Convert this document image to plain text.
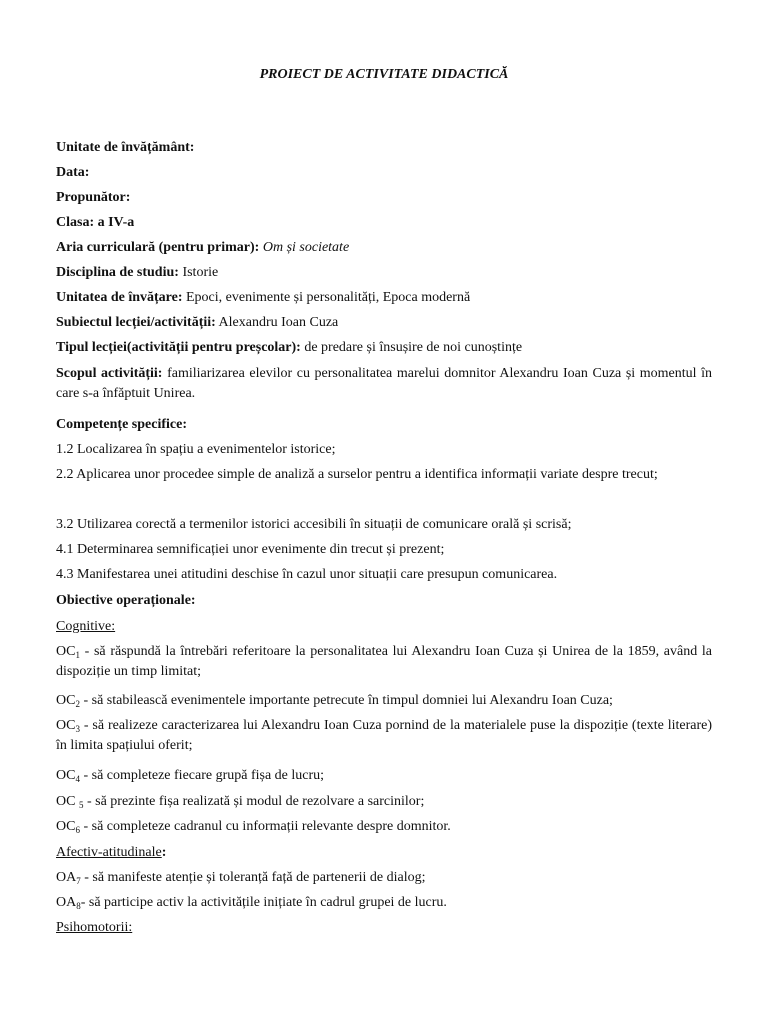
PROIECT DE ACTIVITATE DIDACTICĂ
Unitate de învățământ:
Data:
Propunător:
Clasa: a IV-a
Aria curriculară (pentru primar): Om și societate
Disciplina de studiu: Istorie
Unitatea de învățare: Epoci, evenimente și personalități, Epoca modernă
Subiectul lecției/activității: Alexandru Ioan Cuza
Tipul lecției(activității pentru preșcolar): de predare și însușire de noi cunoștințe
Scopul activității: familiarizarea elevilor cu personalitatea marelui domnitor Alexandru Ioan Cuza și momentul în care s-a înfăptuit Unirea.
Competențe specifice:
1.2 Localizarea în spațiu a evenimentelor istorice;
2.2 Aplicarea unor procedee simple de analiză a surselor pentru a identifica informații variate despre trecut;
3.2 Utilizarea corectă a termenilor istorici accesibili în situații de comunicare orală și scrisă;
4.1 Determinarea semnificației unor evenimente din trecut și prezent;
4.3 Manifestarea unei atitudini deschise în cazul unor situații care presupun comunicarea.
Obiective operaționale:
Cognitive:
$OC_1$ - să răspundă la întrebări referitoare la personalitatea lui Alexandru Ioan Cuza și Unirea de la 1859, având la dispoziție un timp limitat;
$OC_2$ - să stabilească evenimentele importante petrecute în timpul domniei lui Alexandru Ioan Cuza;
$OC_3$ - să realizeze caracterizarea lui Alexandru Ioan Cuza pornind de la materialele puse la dispoziție (texte literare) în limita spațiului oferit;
$OC_4$ - să completeze fiecare grupă fișa de lucru;
OC $_5$ - să prezinte fișa realizată și modul de rezolvare a sarcinilor;
$OC_6$ - să completeze cadranul cu informații relevante despre domnitor.
Afectiv-atitudinale:
$OA_7$ - să manifeste atenție și toleranță față de partenerii de dialog;
$OA_8-$ să participe activ la activitățile inițiate în cadrul grupei de lucru.
Psihomotorii:
